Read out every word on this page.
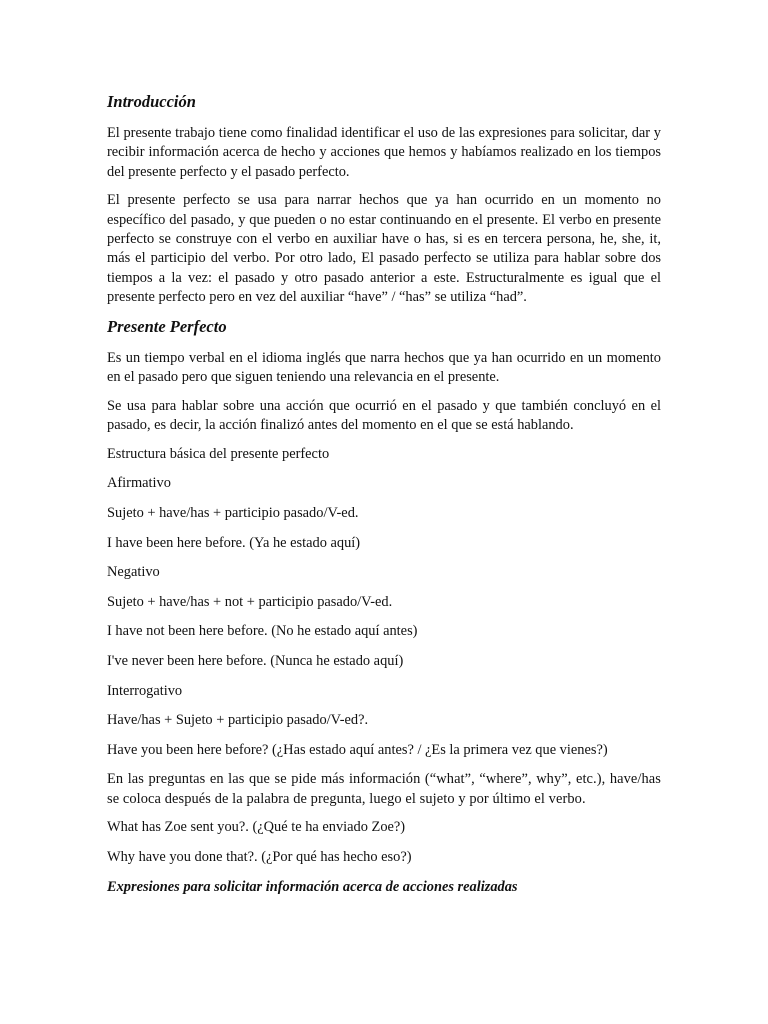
Introducción

El presente trabajo tiene como finalidad identificar el uso de las expresiones para solicitar, dar y recibir información acerca de hecho y acciones que hemos y habíamos realizado en los tiempos del presente perfecto y el pasado perfecto.

El presente perfecto se usa para narrar hechos que ya han ocurrido en un momento no específico del pasado, y que pueden o no estar continuando en el presente. El verbo en presente perfecto se construye con el verbo en auxiliar have o has, si es en tercera persona, he, she, it, más el participio del verbo. Por otro lado, El pasado perfecto se utiliza para hablar sobre dos tiempos a la vez: el pasado y otro pasado anterior a este. Estructuralmente es igual que el presente perfecto pero en vez del auxiliar “have” / “has” se utiliza “had”.

Presente Perfecto

Es un tiempo verbal en el idioma inglés que narra hechos que ya han ocurrido en un momento en el pasado pero que siguen teniendo una relevancia en el presente.

Se usa para hablar sobre una acción que ocurrió en el pasado y que también concluyó en el pasado, es decir, la acción finalizó antes del momento en el que se está hablando.

Estructura básica del presente perfecto
Afirmativo
Sujeto + have/has + participio pasado/V-ed.
I have been here before. (Ya he estado aquí)
Negativo
Sujeto + have/has + not + participio pasado/V-ed.
I have not been here before. (No he estado aquí antes)
I've never been here before. (Nunca he estado aquí)
Interrogativo
Have/has + Sujeto + participio pasado/V-ed?.
Have you been here before? (¿Has estado aquí antes? / ¿Es la primera vez que vienes?)

En las preguntas en las que se pide más información (“what”, “where”, why”, etc.), have/has se coloca después de la palabra de pregunta, luego el sujeto y por último el verbo.

What has Zoe sent you?. (¿Qué te ha enviado Zoe?)
Why have you done that?. (¿Por qué has hecho eso?)
Expresiones para solicitar información acerca de acciones realizadas
